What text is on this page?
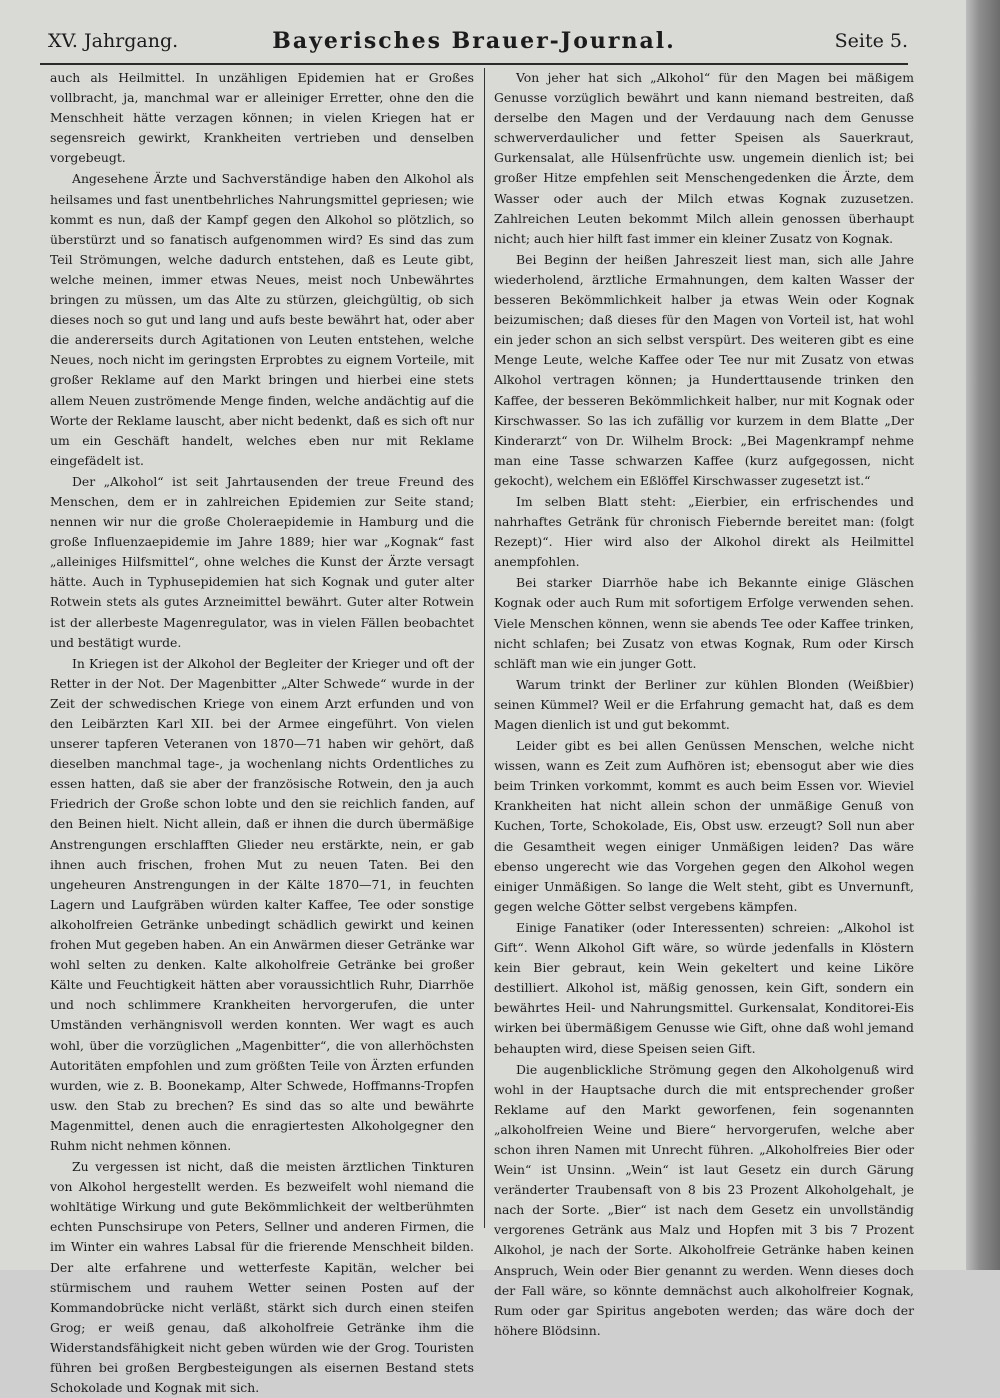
XV. Jahrgang.	Bayerisches Brauer-Journal.	Seite 5.

auch als Heilmittel. In unzähligen Epidemien hat er Großes vollbracht, ja, manchmal war er alleiniger Erretter, ohne den die Menschheit hätte verzagen können; in vielen Kriegen hat er segensreich gewirkt, Krankheiten vertrieben und denselben vorgebeugt.

Angesehene Ärzte und Sachverständige haben den Alkohol als heilsames und fast unentbehrliches Nahrungsmittel gepriesen; wie kommt es nun, daß der Kampf gegen den Alkohol so plötzlich, so überstürzt und so fanatisch aufgenommen wird? Es sind das zum Teil Strömungen, welche dadurch entstehen, daß es Leute gibt, welche meinen, immer etwas Neues, meist noch Unbewährtes bringen zu müssen, um das Alte zu stürzen, gleichgültig, ob sich dieses noch so gut und lang und aufs beste bewährt hat, oder aber die andererseits durch Agitationen von Leuten entstehen, welche Neues, noch nicht im geringsten Erprobtes zu eignem Vorteile, mit großer Reklame auf den Markt bringen und hierbei eine stets allem Neuen zuströmende Menge finden, welche andächtig auf die Worte der Reklame lauscht, aber nicht bedenkt, daß es sich oft nur um ein Geschäft handelt, welches eben nur mit Reklame eingefädelt ist.

Der „Alkohol“ ist seit Jahrtausenden der treue Freund des Menschen, dem er in zahlreichen Epidemien zur Seite stand; nennen wir nur die große Choleraepidemie in Hamburg und die große Influenzaepidemie im Jahre 1889; hier war „Kognak“ fast „alleiniges Hilfsmittel“, ohne welches die Kunst der Ärzte versagt hätte. Auch in Typhusepidemien hat sich Kognak und guter alter Rotwein stets als gutes Arzneimittel bewährt. Guter alter Rotwein ist der allerbeste Magenregulator, was in vielen Fällen beobachtet und bestätigt wurde.

In Kriegen ist der Alkohol der Begleiter der Krieger und oft der Retter in der Not. Der Magenbitter „Alter Schwede“ wurde in der Zeit der schwedischen Kriege von einem Arzt erfunden und von den Leibärzten Karl XII. bei der Armee eingeführt. Von vielen unserer tapferen Veteranen von 1870—71 haben wir gehört, daß dieselben manchmal tage-, ja wochenlang nichts Ordentliches zu essen hatten, daß sie aber der französische Rotwein, den ja auch Friedrich der Große schon lobte und den sie reichlich fanden, auf den Beinen hielt. Nicht allein, daß er ihnen die durch übermäßige Anstrengungen erschlafften Glieder neu erstärkte, nein, er gab ihnen auch frischen, frohen Mut zu neuen Taten. Bei den ungeheuren Anstrengungen in der Kälte 1870—71, in feuchten Lagern und Laufgräben würden kalter Kaffee, Tee oder sonstige alkoholfreien Getränke unbedingt schädlich gewirkt und keinen frohen Mut gegeben haben. An ein Anwärmen dieser Getränke war wohl selten zu denken. Kalte alkoholfreie Getränke bei großer Kälte und Feuchtigkeit hätten aber voraussichtlich Ruhr, Diarrhöe und noch schlimmere Krankheiten hervorgerufen, die unter Umständen verhängnisvoll werden konnten. Wer wagt es auch wohl, über die vorzüglichen „Magenbitter“, die von allerhöchsten Autoritäten empfohlen und zum größten Teile von Ärzten erfunden wurden, wie z. B. Boonekamp, Alter Schwede, Hoffmanns-Tropfen usw. den Stab zu brechen? Es sind das so alte und bewährte Magenmittel, denen auch die enragiertesten Alkoholgegner den Ruhm nicht nehmen können.

Zu vergessen ist nicht, daß die meisten ärztlichen Tinkturen von Alkohol hergestellt werden. Es bezweifelt wohl niemand die wohltätige Wirkung und gute Bekömmlichkeit der weltberühmten echten Punschsirupe von Peters, Sellner und anderen Firmen, die im Winter ein wahres Labsal für die frierende Menschheit bilden. Der alte erfahrene und wetterfeste Kapitän, welcher bei stürmischem und rauhem Wetter seinen Posten auf der Kommandobrücke nicht verläßt, stärkt sich durch einen steifen Grog; er weiß genau, daß alkoholfreie Getränke ihm die Widerstandsfähigkeit nicht geben würden wie der Grog. Touristen führen bei großen Bergbesteigungen als eisernen Bestand stets Schokolade und Kognak mit sich.

Von jeher hat sich „Alkohol“ für den Magen bei mäßigem Genusse vorzüglich bewährt und kann niemand bestreiten, daß derselbe den Magen und der Verdauung nach dem Genusse schwerverdaulicher und fetter Speisen als Sauerkraut, Gurkensalat, alle Hülsenfrüchte usw. ungemein dienlich ist; bei großer Hitze empfehlen seit Menschengedenken die Ärzte, dem Wasser oder auch der Milch etwas Kognak zuzusetzen. Zahlreichen Leuten bekommt Milch allein genossen überhaupt nicht; auch hier hilft fast immer ein kleiner Zusatz von Kognak.

Bei Beginn der heißen Jahreszeit liest man, sich alle Jahre wiederholend, ärztliche Ermahnungen, dem kalten Wasser der besseren Bekömmlichkeit halber ja etwas Wein oder Kognak beizumischen; daß dieses für den Magen von Vorteil ist, hat wohl ein jeder schon an sich selbst verspürt. Des weiteren gibt es eine Menge Leute, welche Kaffee oder Tee nur mit Zusatz von etwas Alkohol vertragen können; ja Hunderttausende trinken den Kaffee, der besseren Bekömmlichkeit halber, nur mit Kognak oder Kirschwasser. So las ich zufällig vor kurzem in dem Blatte „Der Kinderarzt“ von Dr. Wilhelm Brock: „Bei Magenkrampf nehme man eine Tasse schwarzen Kaffee (kurz aufgegossen, nicht gekocht), welchem ein Eßlöffel Kirschwasser zugesetzt ist.“

Im selben Blatt steht: „Eierbier, ein erfrischendes und nahrhaftes Getränk für chronisch Fiebernde bereitet man: (folgt Rezept)“. Hier wird also der Alkohol direkt als Heilmittel anempfohlen.

Bei starker Diarrhöe habe ich Bekannte einige Gläschen Kognak oder auch Rum mit sofortigem Erfolge verwenden sehen. Viele Menschen können, wenn sie abends Tee oder Kaffee trinken, nicht schlafen; bei Zusatz von etwas Kognak, Rum oder Kirsch schläft man wie ein junger Gott.

Warum trinkt der Berliner zur kühlen Blonden (Weißbier) seinen Kümmel? Weil er die Erfahrung gemacht hat, daß es dem Magen dienlich ist und gut bekommt.

Leider gibt es bei allen Genüssen Menschen, welche nicht wissen, wann es Zeit zum Aufhören ist; ebensogut aber wie dies beim Trinken vorkommt, kommt es auch beim Essen vor. Wieviel Krankheiten hat nicht allein schon der unmäßige Genuß von Kuchen, Torte, Schokolade, Eis, Obst usw. erzeugt? Soll nun aber die Gesamtheit wegen einiger Unmäßigen leiden? Das wäre ebenso ungerecht wie das Vorgehen gegen den Alkohol wegen einiger Unmäßigen. So lange die Welt steht, gibt es Unvernunft, gegen welche Götter selbst vergebens kämpfen.

Einige Fanatiker (oder Interessenten) schreien: „Alkohol ist Gift“. Wenn Alkohol Gift wäre, so würde jedenfalls in Klöstern kein Bier gebraut, kein Wein gekeltert und keine Liköre destilliert. Alkohol ist, mäßig genossen, kein Gift, sondern ein bewährtes Heil- und Nahrungsmittel. Gurkensalat, Konditorei-Eis wirken bei übermäßigem Genusse wie Gift, ohne daß wohl jemand behaupten wird, diese Speisen seien Gift.

Die augenblickliche Strömung gegen den Alkoholgenuß wird wohl in der Hauptsache durch die mit entsprechender großer Reklame auf den Markt geworfenen, fein sogenannten „alkoholfreien Weine und Biere“ hervorgerufen, welche aber schon ihren Namen mit Unrecht führen. „Alkoholfreies Bier oder Wein“ ist Unsinn. „Wein“ ist laut Gesetz ein durch Gärung veränderter Traubensaft von 8 bis 23 Prozent Alkoholgehalt, je nach der Sorte. „Bier“ ist nach dem Gesetz ein unvollständig vergorenes Getränk aus Malz und Hopfen mit 3 bis 7 Prozent Alkohol, je nach der Sorte. Alkoholfreie Getränke haben keinen Anspruch, Wein oder Bier genannt zu werden. Wenn dieses doch der Fall wäre, so könnte demnächst auch alkoholfreier Kognak, Rum oder gar Spiritus angeboten werden; das wäre doch der höhere Blödsinn.
